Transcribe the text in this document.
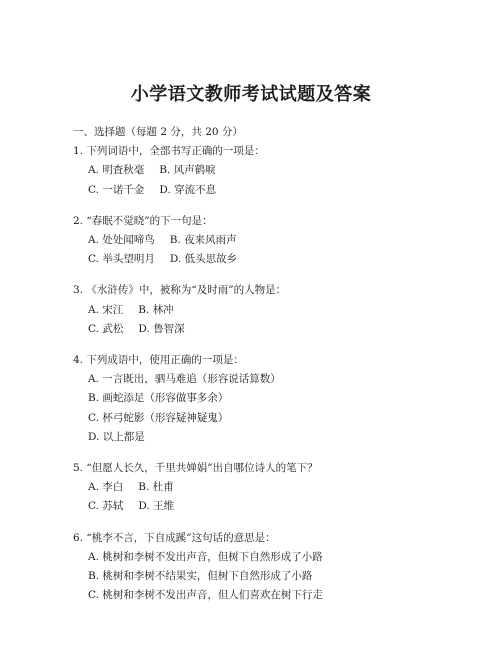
小学语文教师考试试题及答案
一、选择题（每题 2 分，共 20 分）
1. 下列词语中，全部书写正确的一项是：
A. 明査秋毫 B. 风声鹤唳
C. 一诺千金 D. 穿流不息
2. “春眠不觉晓”的下一句是：
A. 处处闻啼鸟 B. 夜来风雨声
C. 举头望明月 D. 低头思故乡
3. 《水浒传》中，被称为“及时雨”的人物是：
A. 宋江 B. 林冲
C. 武松 D. 鲁智深
4. 下列成语中，使用正确的一项是：
A. 一言既出，驷马难追（形容说话算数）
B. 画蛇添足（形容做事多余）
C. 杯弓蛇影（形容疑神疑鬼）
D. 以上都是
5. “但愿人长久，千里共婵娟”出自哪位诗人的笔下？
A. 李白 B. 杜甫
C. 苏轼 D. 王维
6. “桃李不言，下自成蹊”这句话的意思是：
A. 桃树和李树不发出声音，但树下自然形成了小路
B. 桃树和李树不结果实，但树下自然形成了小路
C. 桃树和李树不发出声音，但人们喜欢在树下行走
